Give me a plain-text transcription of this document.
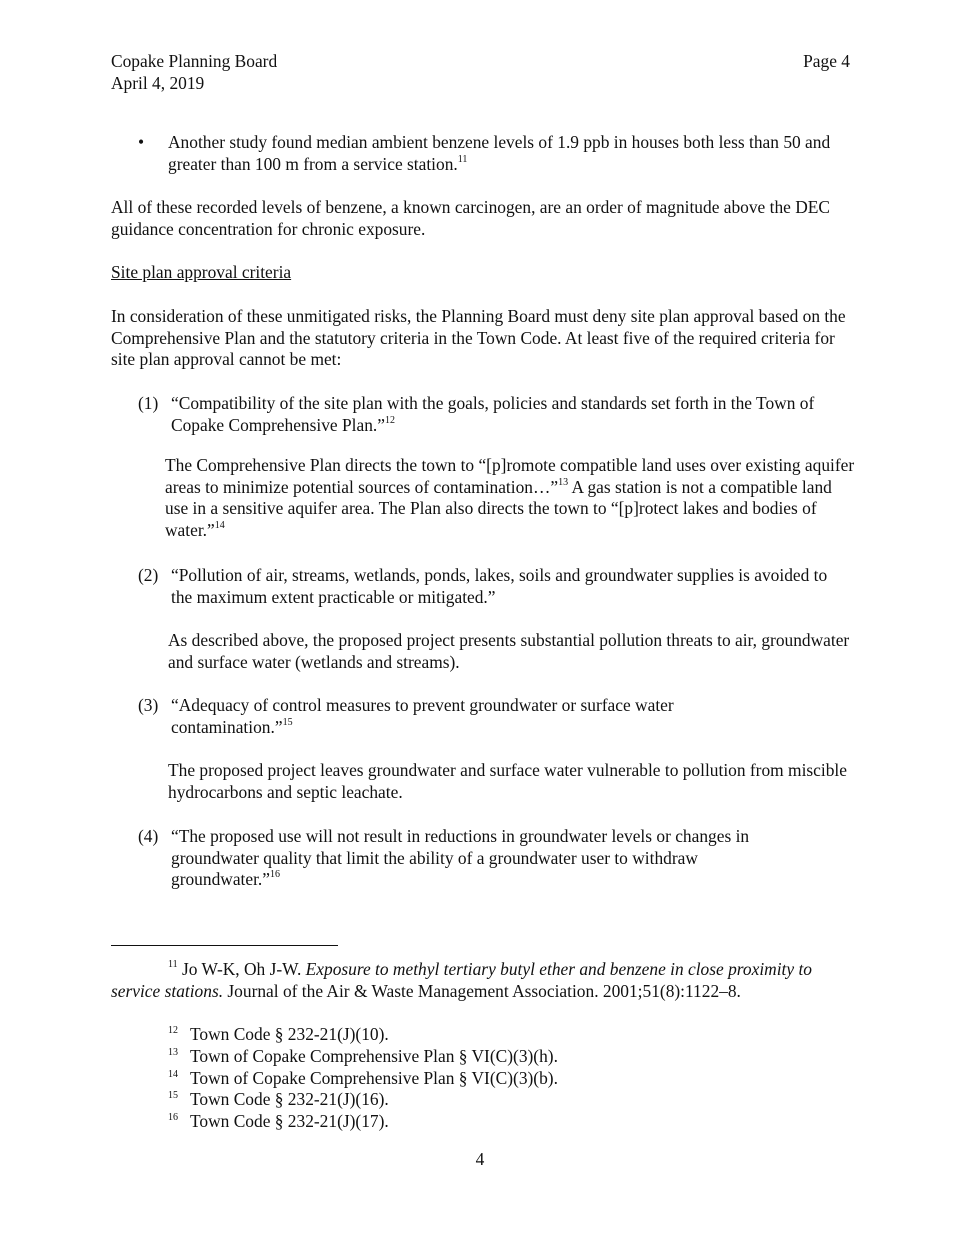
Copake Planning Board
April 4, 2019
Page 4
• Another study found median ambient benzene levels of 1.9 ppb in houses both less than 50 and greater than 100 m from a service station.$^{11}$

All of these recorded levels of benzene, a known carcinogen, are an order of magnitude above the DEC guidance concentration for chronic exposure.

Site plan approval criteria

In consideration of these unmitigated risks, the Planning Board must deny site plan approval based on the Comprehensive Plan and the statutory criteria in the Town Code. At least five of the required criteria for site plan approval cannot be met:

(1) “Compatibility of the site plan with the goals, policies and standards set forth in the Town of Copake Comprehensive Plan.”$^{12}$

The Comprehensive Plan directs the town to “[p]romote compatible land uses over existing aquifer areas to minimize potential sources of contamination…”$^{13}$ A gas station is not a compatible land use in a sensitive aquifer area. The Plan also directs the town to “[p]rotect lakes and bodies of water.”$^{14}$

(2) “Pollution of air, streams, wetlands, ponds, lakes, soils and groundwater supplies is avoided to the maximum extent practicable or mitigated.”

As described above, the proposed project presents substantial pollution threats to air, groundwater and surface water (wetlands and streams).

(3) “Adequacy of control measures to prevent groundwater or surface water contamination.”$^{15}$

The proposed project leaves groundwater and surface water vulnerable to pollution from miscible hydrocarbons and septic leachate.

(4) “The proposed use will not result in reductions in groundwater levels or changes in groundwater quality that limit the ability of a groundwater user to withdraw groundwater.”$^{16}$

$^{11}$ Jo W-K, Oh J-W. Exposure to methyl tertiary butyl ether and benzene in close proximity to service stations. Journal of the Air & Waste Management Association. 2001;51(8):1122–8.

12 Town Code § 232-21(J)(10).
13 Town of Copake Comprehensive Plan § VI(C)(3)(h).
14 Town of Copake Comprehensive Plan § VI(C)(3)(b).
15 Town Code § 232-21(J)(16).
16 Town Code § 232-21(J)(17).
4
